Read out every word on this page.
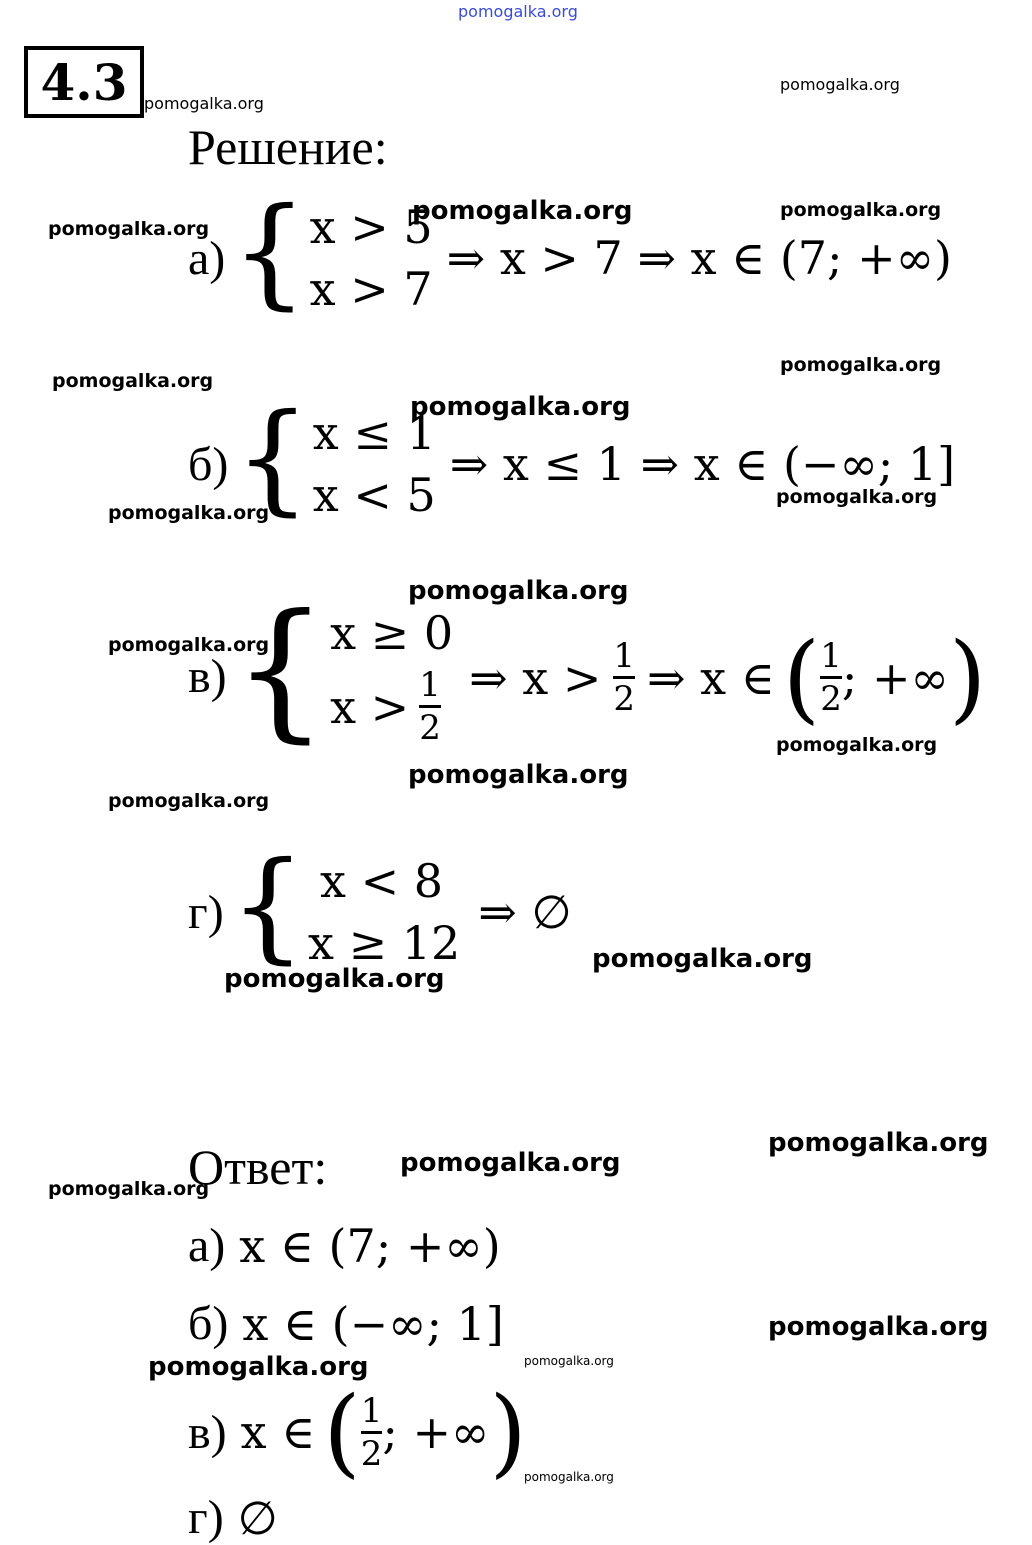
4.3
Решение:
а) { x > 5
x > 7
⇒ x > 7 ⇒ x ∈ (7; +∞)
б) { x ≤ 1
x < 5
⇒ x ≤ 1 ⇒ x ∈ (−∞; 1]
в) { x ≥ 0
$x > \frac{1}{2}$ ⇒ $x > \frac{1}{2}$ ⇒ x ∈ ( $\frac{1}{2}$ ; +∞ )
г) { x < 8
x ≥ 12
⇒ ∅
Ответ:
а) x ∈ (7; +∞)
б) x ∈ (−∞; 1]
в) x ∈ ( $\frac{1}{2}$ ; +∞ )
г) ∅
pomogalka.org
pomogalka.org
pomogalka.org
pomogalka.org
pomogalka.org	pomogalka.org
pomogalka.org
pomogalka.org
pomogalka.org
pomogalka.org
pomogalka.org
pomogalka.org
pomogalka.org
pomogalka.org
pomogalka.org
pomogalka.org
pomogalka.org
pomogalka.org
pomogalka.org
pomogalka.org
pomogalka.org
pomogalka.org
pomogalka.org
pomogalka.org
pomogalka.org
